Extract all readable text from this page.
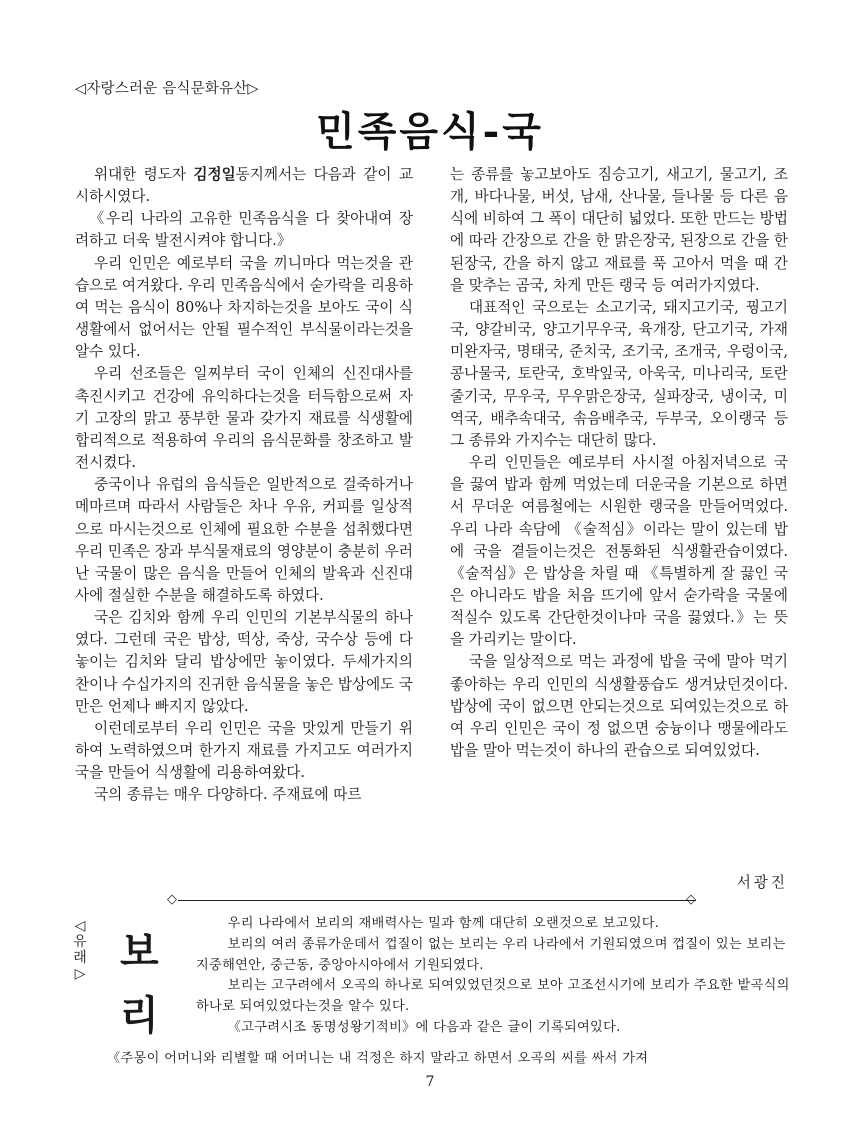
◁자랑스러운 음식문화유산▷
민족음식-국

위대한 령도자 김정일동지께서는 다음과 같이 교시하시였다.

《우리 나라의 고유한 민족음식을 다 찾아내여 장려하고 더욱 발전시켜야 합니다.》

우리 인민은 예로부터 국을 끼니마다 먹는것을 관습으로 여겨왔다. 우리 민족음식에서 숟가락을 리용하여 먹는 음식이 80%나 차지하는것을 보아도 국이 식생활에서 없어서는 안될 필수적인 부식물이라는것을 알수 있다.

우리 선조들은 일찌부터 국이 인체의 신진대사를 촉진시키고 건강에 유익하다는것을 터득함으로써 자기 고장의 맑고 풍부한 물과 갖가지 재료를 식생활에 합리적으로 적용하여 우리의 음식문화를 창조하고 발전시켰다.

중국이나 유럽의 음식들은 일반적으로 걸죽하거나 메마르며 따라서 사람들은 차나 우유, 커피를 일상적으로 마시는것으로 인체에 필요한 수분을 섭취했다면 우리 민족은 장과 부식물재료의 영양분이 충분히 우러난 국물이 많은 음식을 만들어 인체의 발육과 신진대사에 절실한 수분을 해결하도록 하였다.

국은 김치와 함께 우리 인민의 기본부식물의 하나였다. 그런데 국은 밥상, 떡상, 죽상, 국수상 등에 다 놓이는 김치와 달리 밥상에만 놓이였다. 두세가지의 찬이나 수십가지의 진귀한 음식물을 놓은 밥상에도 국만은 언제나 빠지지 않았다.

이런데로부터 우리 인민은 국을 맛있게 만들기 위하여 노력하였으며 한가지 재료를 가지고도 여러가지 국을 만들어 식생활에 리용하여왔다.

국의 종류는 매우 다양하다. 주재료에 따르

는 종류를 놓고보아도 짐승고기, 새고기, 물고기, 조개, 바다나물, 버섯, 남새, 산나물, 들나물 등 다른 음식에 비하여 그 폭이 대단히 넓었다. 또한 만드는 방법에 따라 간장으로 간을 한 맑은장국, 된장으로 간을 한 된장국, 간을 하지 않고 재료를 푹 고아서 먹을 때 간을 맞추는 곰국, 차게 만든 랭국 등 여러가지였다.

대표적인 국으로는 소고기국, 돼지고기국, 꿩고기국, 양갈비국, 양고기무우국, 육개장, 단고기국, 가재미완자국, 명태국, 준치국, 조기국, 조개국, 우렁이국, 콩나물국, 토란국, 호박잎국, 아욱국, 미나리국, 토란줄기국, 무우국, 무우맑은장국, 실파장국, 냉이국, 미역국, 배추속대국, 솎음배추국, 두부국, 오이랭국 등 그 종류와 가지수는 대단히 많다.

우리 인민들은 예로부터 사시절 아침저녁으로 국을 끓여 밥과 함께 먹었는데 더운국을 기본으로 하면서 무더운 여름철에는 시원한 랭국을 만들어먹었다. 우리 나라 속담에 《술적심》이라는 말이 있는데 밥에 국을 곁들이는것은 전통화된 식생활관습이였다. 《술적심》은 밥상을 차릴 때 《특별하게 잘 끓인 국은 아니라도 밥을 처음 뜨기에 앞서 숟가락을 국물에 적실수 있도록 간단한것이나마 국을 끓였다.》는 뜻을 가리키는 말이다.

국을 일상적으로 먹는 과정에 밥을 국에 말아 먹기 좋아하는 우리 인민의 식생활풍습도 생겨났던것이다. 밥상에 국이 없으면 안되는것으로 되여있는것으로 하여 우리 인민은 국이 정 없으면 숭늉이나 맹물에라도 밥을 말아 먹는것이 하나의 관습으로 되여있었다.

서광진
◇	◇
◁
유
래
▷ 보
리

우리 나라에서 보리의 재배력사는 밀과 함께 대단히 오랜것으로 보고있다.

보리의 여러 종류가운데서 껍질이 없는 보리는 우리 나라에서 기원되였으며 껍질이 있는 보리는 지중해연안, 중근동, 중앙아시아에서 기원되였다.

보리는 고구려에서 오곡의 하나로 되여있었던것으로 보아 고조선시기에 보리가 주요한 밭곡식의 하나로 되여있었다는것을 알수 있다.

《고구려시조 동명성왕기적비》에 다음과 같은 글이 기록되여있다.

《주몽이 어머니와 리별할 때 어머니는 내 걱정은 하지 말라고 하면서 오곡의 씨를 싸서 가져
7
